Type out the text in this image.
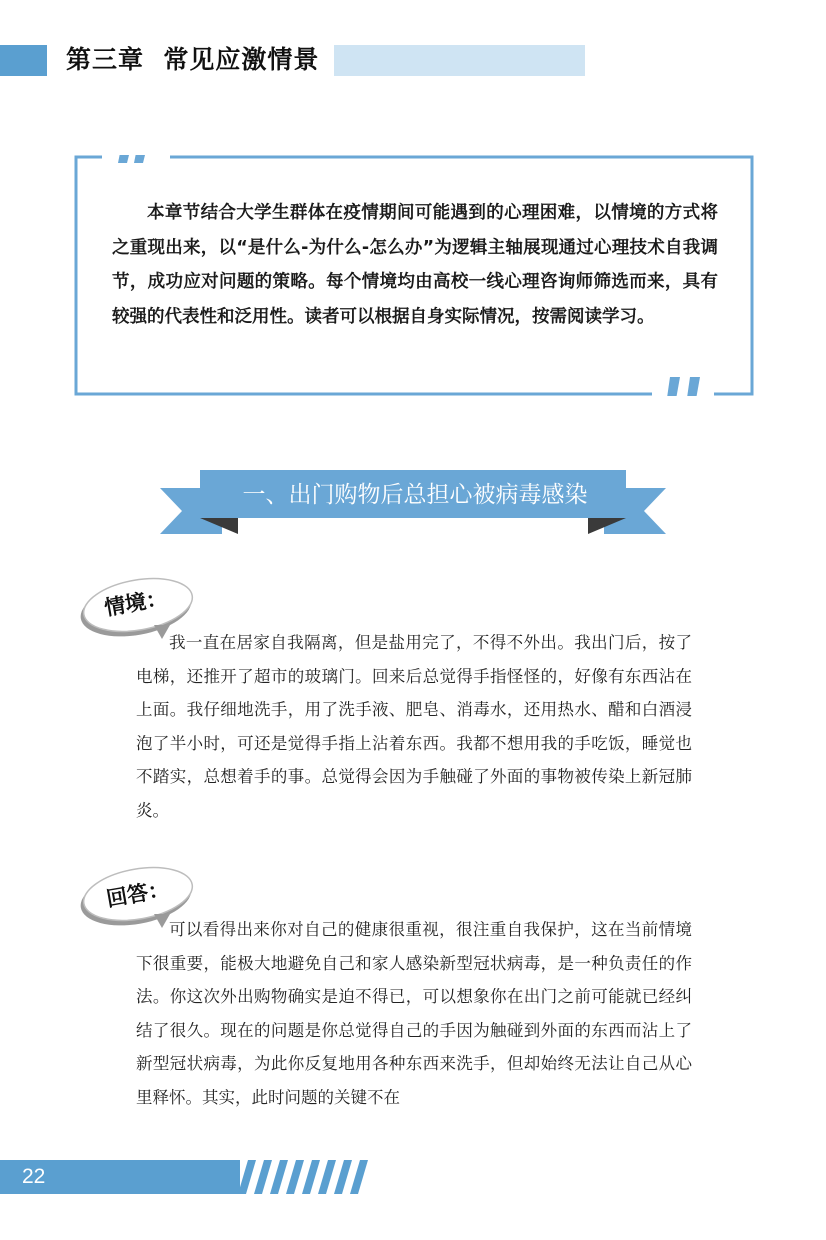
第三章  常见应激情景
本章节结合大学生群体在疫情期间可能遇到的心理困难，以情境的方式将之重现出来，以“是什么-为什么-怎么办”为逻辑主轴展现通过心理技术自我调节，成功应对问题的策略。每个情境均由高校一线心理咨询师筛选而来，具有较强的代表性和泛用性。读者可以根据自身实际情况，按需阅读学习。
一、出门购物后总担心被病毒感染
情境：
我一直在居家自我隔离，但是盐用完了，不得不外出。我出门后，按了电梯，还推开了超市的玻璃门。回来后总觉得手指怪怪的，好像有东西沾在上面。我仔细地洗手，用了洗手液、肥皂、消毒水，还用热水、醋和白酒浸泡了半小时，可还是觉得手指上沾着东西。我都不想用我的手吃饭，睡觉也不踏实，总想着手的事。总觉得会因为手触碰了外面的事物被传染上新冠肺炎。
回答：
可以看得出来你对自己的健康很重视，很注重自我保护，这在当前情境下很重要，能极大地避免自己和家人感染新型冠状病毒，是一种负责任的作法。你这次外出购物确实是迫不得已，可以想象你在出门之前可能就已经纠结了很久。现在的问题是你总觉得自己的手因为触碰到外面的东西而沾上了新型冠状病毒，为此你反复地用各种东西来洗手，但却始终无法让自己从心里释怀。其实，此时问题的关键不在
22
